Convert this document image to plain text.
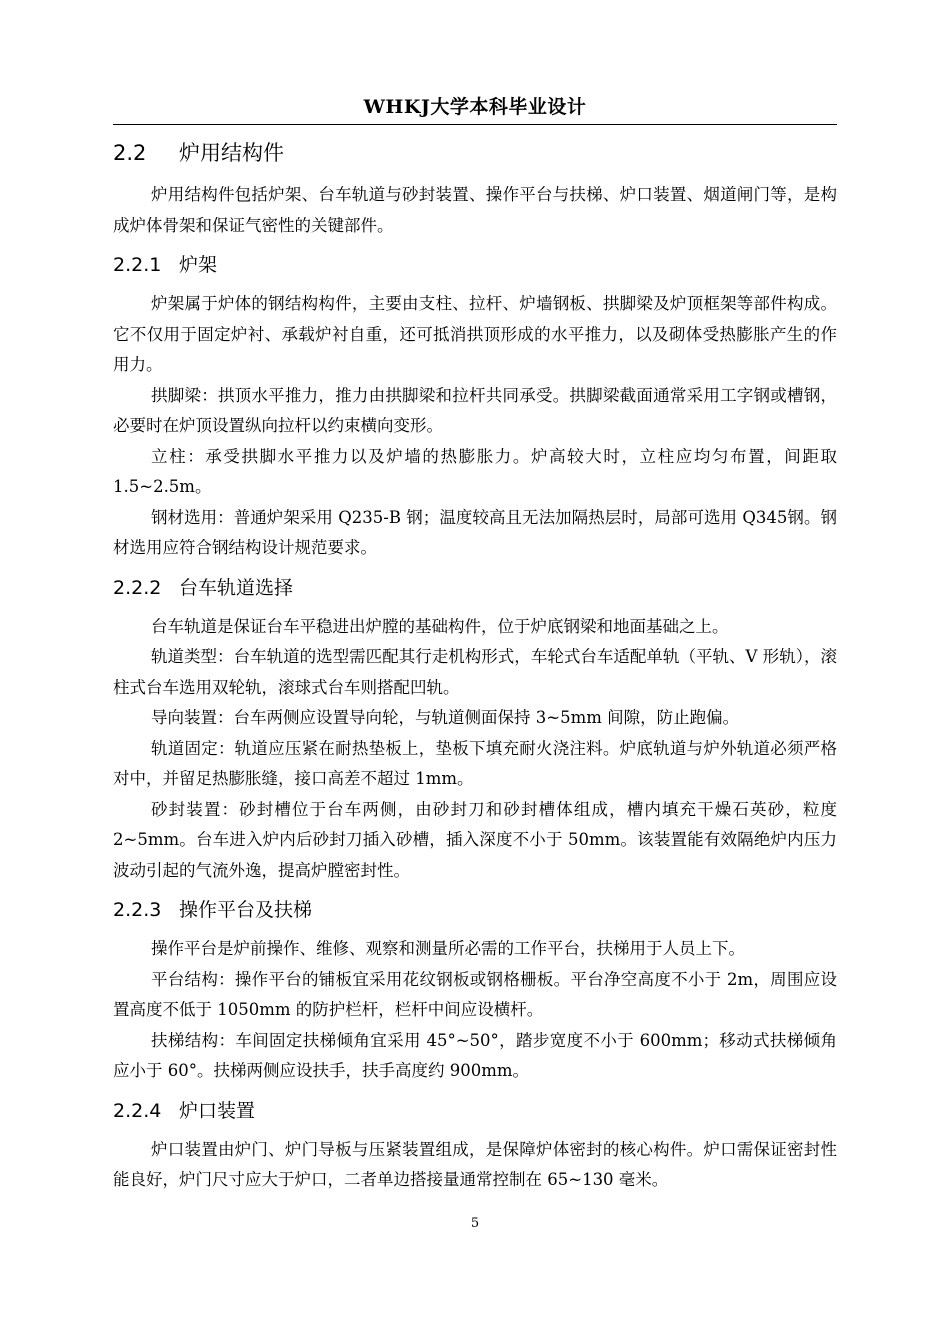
WHKJ大学本科毕业设计
2.2	炉用结构件

炉用结构件包括炉架、台车轨道与砂封装置、操作平台与扶梯、炉口装置、烟道闸门等，是构成炉体骨架和保证气密性的关键部件。

2.2.1 炉架

炉架属于炉体的钢结构构件，主要由支柱、拉杆、炉墙钢板、拱脚梁及炉顶框架等部件构成。它不仅用于固定炉衬、承载炉衬自重，还可抵消拱顶形成的水平推力，以及砌体受热膨胀产生的作用力。

拱脚梁：拱顶水平推力，推力由拱脚梁和拉杆共同承受。拱脚梁截面通常采用工字钢或槽钢，必要时在炉顶设置纵向拉杆以约束横向变形。

立柱：承受拱脚水平推力以及炉墙的热膨胀力。炉高较大时，立柱应均匀布置，间距取 1.5~2.5m。

钢材选用：普通炉架采用 Q235-B 钢；温度较高且无法加隔热层时，局部可选用 Q345钢。钢材选用应符合钢结构设计规范要求。

2.2.2 台车轨道选择

台车轨道是保证台车平稳进出炉膛的基础构件，位于炉底钢梁和地面基础之上。

轨道类型：台车轨道的选型需匹配其行走机构形式，车轮式台车适配单轨（平轨、V 形轨），滚柱式台车选用双轮轨，滚球式台车则搭配凹轨。

导向装置：台车两侧应设置导向轮，与轨道侧面保持 3~5mm 间隙，防止跑偏。

轨道固定：轨道应压紧在耐热垫板上，垫板下填充耐火浇注料。炉底轨道与炉外轨道必须严格对中，并留足热膨胀缝，接口高差不超过 1mm。

砂封装置：砂封槽位于台车两侧，由砂封刀和砂封槽体组成，槽内填充干燥石英砂，粒度 2~5mm。台车进入炉内后砂封刀插入砂槽，插入深度不小于 50mm。该装置能有效隔绝炉内压力波动引起的气流外逸，提高炉膛密封性。

2.2.3 操作平台及扶梯

操作平台是炉前操作、维修、观察和测量所必需的工作平台，扶梯用于人员上下。

平台结构：操作平台的铺板宜采用花纹钢板或钢格栅板。平台净空高度不小于 2m，周围应设置高度不低于 1050mm 的防护栏杆，栏杆中间应设横杆。

扶梯结构：车间固定扶梯倾角宜采用 45°~50°，踏步宽度不小于 600mm；移动式扶梯倾角应小于 60°。扶梯两侧应设扶手，扶手高度约 900mm。

2.2.4 炉口装置

炉口装置由炉门、炉门导板与压紧装置组成，是保障炉体密封的核心构件。炉口需保证密封性能良好，炉门尺寸应大于炉口，二者单边搭接量通常控制在 65~130 毫米。

5
